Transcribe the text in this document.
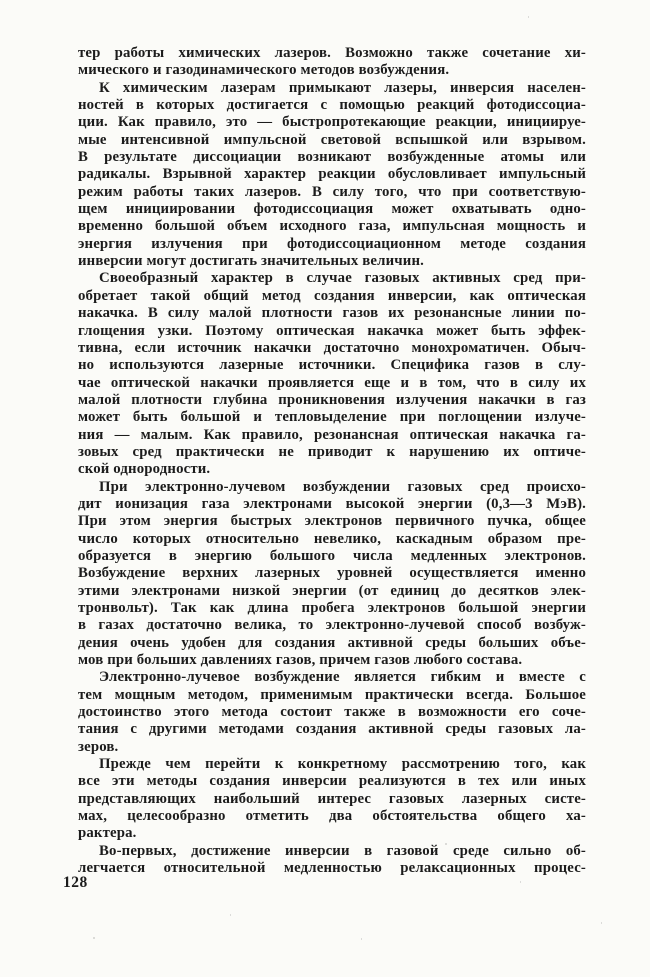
тер работы химических лазеров. Возможно также сочетание хи-
мического и газодинамического методов возбуждения.
К химическим лазерам примыкают лазеры, инверсия населен-
ностей в которых достигается с помощью реакций фотодиссоциа-
ции. Как правило, это — быстропротекающие реакции, инициируе-
мые интенсивной импульсной световой вспышкой или взрывом.
В результате диссоциации возникают возбужденные атомы или
радикалы. Взрывной характер реакции обусловливает импульсный
режим работы таких лазеров. В силу того, что при соответствую-
щем инициировании фотодиссоциация может охватывать одно-
временно большой объем исходного газа, импульсная мощность и
энергия излучения при фотодиссоциационном методе создания
инверсии могут достигать значительных величин.
Своеобразный характер в случае газовых активных сред при-
обретает такой общий метод создания инверсии, как оптическая
накачка. В силу малой плотности газов их резонансные линии по-
глощения узки. Поэтому оптическая накачка может быть эффек-
тивна, если источник накачки достаточно монохроматичен. Обыч-
но используются лазерные источники. Специфика газов в слу-
чае оптической накачки проявляется еще и в том, что в силу их
малой плотности глубина проникновения излучения накачки в газ
может быть большой и тепловыделение при поглощении излуче-
ния — малым. Как правило, резонансная оптическая накачка га-
зовых сред практически не приводит к нарушению их оптиче-
ской однородности.
При электронно-лучевом возбуждении газовых сред происхо-
дит ионизация газа электронами высокой энергии (0,3—3 МэВ).
При этом энергия быстрых электронов первичного пучка, общее
число которых относительно невелико, каскадным образом пре-
образуется в энергию большого числа медленных электронов.
Возбуждение верхних лазерных уровней осуществляется именно
этими электронами низкой энергии (от единиц до десятков элек-
тронвольт). Так как длина пробега электронов большой энергии
в газах достаточно велика, то электронно-лучевой способ возбуж-
дения очень удобен для создания активной среды больших объе-
мов при больших давлениях газов, причем газов любого состава.
Электронно-лучевое возбуждение является гибким и вместе с
тем мощным методом, применимым практически всегда. Большое
достоинство этого метода состоит также в возможности его соче-
тания с другими методами создания активной среды газовых ла-
зеров.
Прежде чем перейти к конкретному рассмотрению того, как
все эти методы создания инверсии реализуются в тех или иных
представляющих наибольший интерес газовых лазерных систе-
мах, целесообразно отметить два обстоятельства общего ха-
рактера.
Во-первых, достижение инверсии в газовой среде сильно об-
легчается относительной медленностью релаксационных процес-
128
